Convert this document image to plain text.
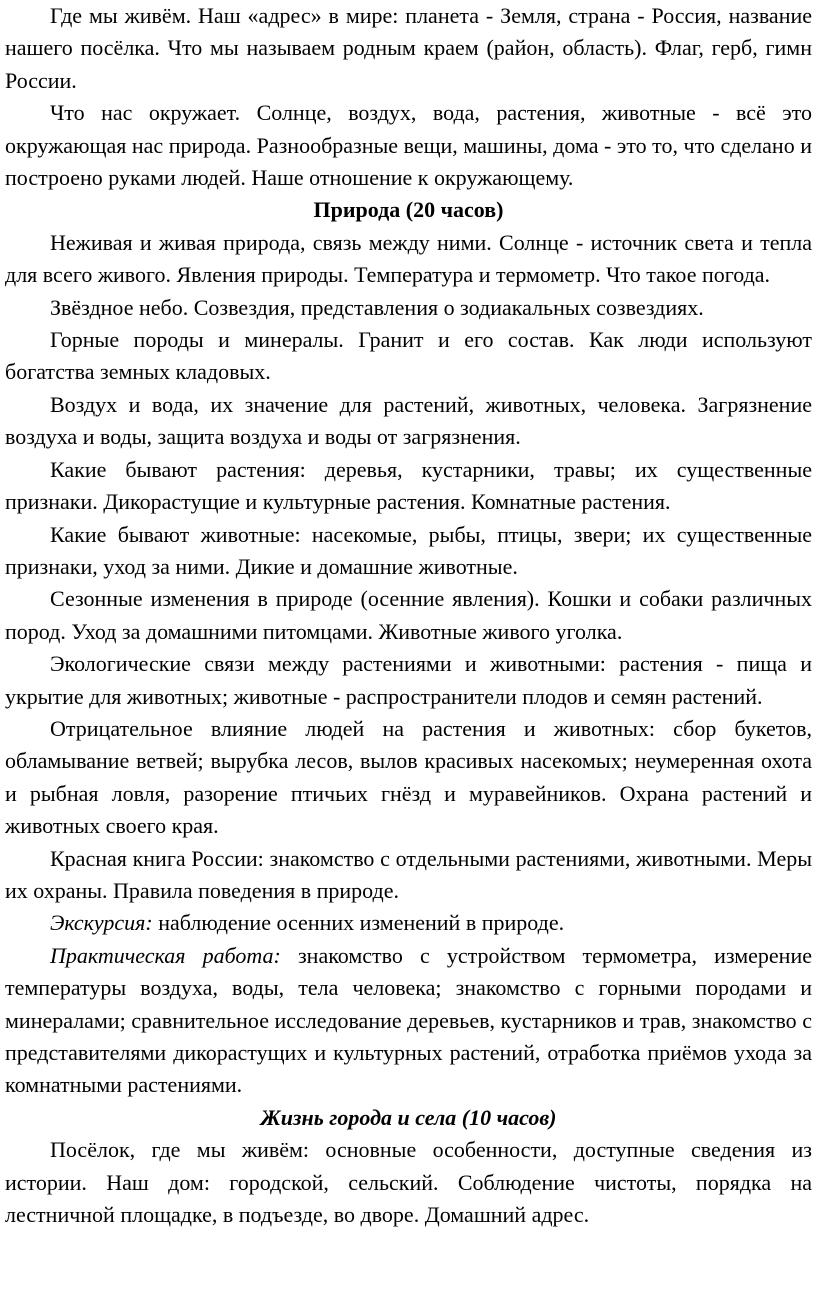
Где мы живём. Наш «адрес» в мире: планета - Земля, страна - Россия, название нашего посёлка. Что мы называем родным краем (район, область). Флаг, герб, гимн России.

Что нас окружает. Солнце, воздух, вода, растения, животные - всё это окружающая нас природа. Разнообразные вещи, машины, дома - это то, что сделано и построено руками людей. Наше отношение к окружающему.

Природа (20 часов)

Неживая и живая природа, связь между ними. Солнце - источник света и тепла для всего живого. Явления природы. Температура и термометр. Что такое погода.

Звёздное небо. Созвездия, представления о зодиакальных созвездиях.

Горные породы и минералы. Гранит и его состав. Как люди используют богатства земных кладовых.

Воздух и вода, их значение для растений, животных, человека. Загрязнение воздуха и воды, защита воздуха и воды от загрязнения.

Какие бывают растения: деревья, кустарники, травы; их существенные признаки. Дикорастущие и культурные растения. Комнатные растения.

Какие бывают животные: насекомые, рыбы, птицы, звери; их существенные признаки, уход за ними. Дикие и домашние животные.

Сезонные изменения в природе (осенние явления). Кошки и собаки различных пород. Уход за домашними питомцами. Животные живого уголка.

Экологические связи между растениями и животными: растения - пища и укрытие для животных; животные - распространители плодов и семян растений.

Отрицательное влияние людей на растения и животных: сбор букетов, обламывание ветвей; вырубка лесов, вылов красивых насекомых; неумеренная охота и рыбная ловля, разорение птичьих гнёзд и муравейников. Охрана растений и животных своего края.

Красная книга России: знакомство с отдельными растениями, животными. Меры их охраны. Правила поведения в природе.

Экскурсия: наблюдение осенних изменений в природе.

Практическая работа: знакомство с устройством термометра, измерение температуры воздуха, воды, тела человека; знакомство с горными породами и минералами; сравнительное исследование деревьев, кустарников и трав, знакомство с представителями дикорастущих и культурных растений, отработка приёмов ухода за комнатными растениями.

Жизнь города и села (10 часов)

Посёлок, где мы живём: основные особенности, доступные сведения из истории. Наш дом: городской, сельский. Соблюдение чистоты, порядка на лестничной площадке, в подъезде, во дворе. Домашний адрес.
